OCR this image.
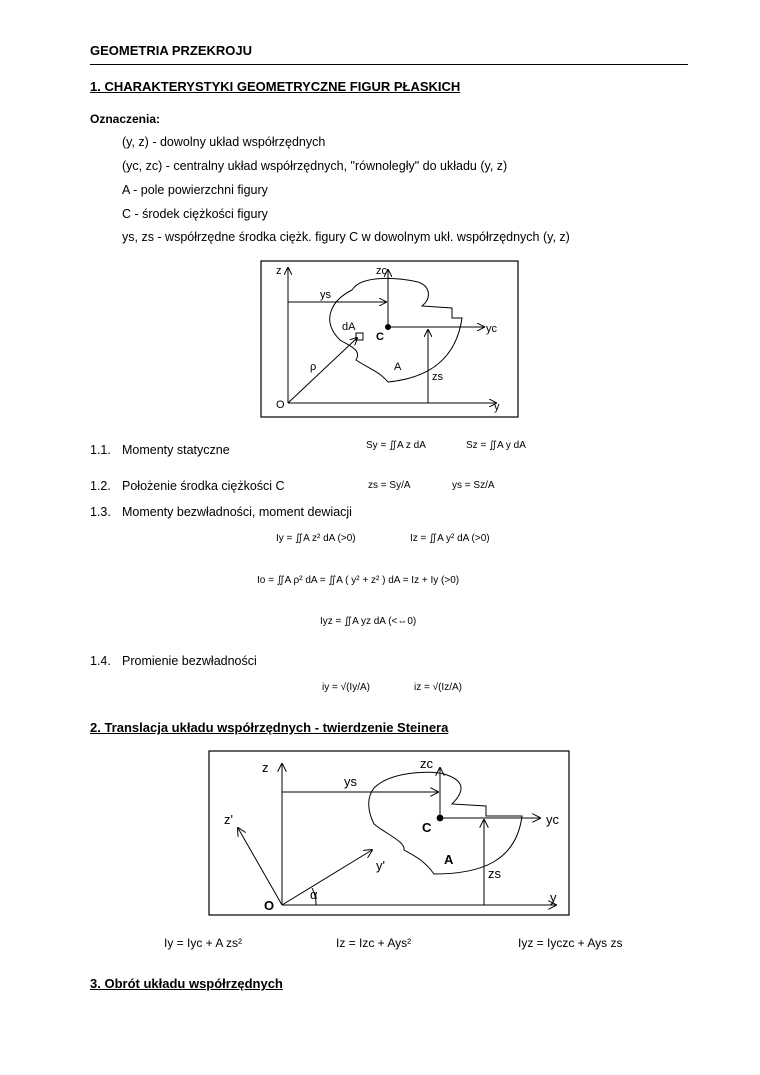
GEOMETRIA PRZEKROJU
1. CHARAKTERYSTYKI GEOMETRYCZNE FIGUR PŁASKICH
Oznaczenia:
(y, z) - dowolny układ współrzędnych
(yc, zc) - centralny układ współrzędnych, "równoległy" do układu (y, z)
A - pole powierzchni figury
C - środek ciężkości figury
ys, zs - współrzędne środka ciężk. figury C w dowolnym ukł. współrzędnych (y, z)
z	zc
ys
yc
dA
C
ρ	A
zs
O	y
1.1. Momenty statyczne	Sy = ∬A z dA	Sz = ∬A y dA
1.2. Położenie środka ciężkości C	zs = Sy/A	ys = Sz/A
1.3. Momenty bezwładności, moment dewiacji
Iy = ∬A z² dA (>0)	Iz = ∬A y² dA (>0)
Io = ∬A ρ² dA = ∬A ( y² + z² ) dA = Iz + Iy (>0)
Iyz = ∬A yz dA (<⇔0)
1.4. Promienie bezwładności
iy = √(Iy/A)	iz = √(Iz/A)
2. Translacja układu współrzędnych - twierdzenie Steinera
z	zc
ys
z'
C
yc
y'	A
zs
O
α	y
Iy = Iyc + A zs²	Iz = Izc + Ays²	Iyz = Iyczc + Ays zs
3. Obrót układu współrzędnych
